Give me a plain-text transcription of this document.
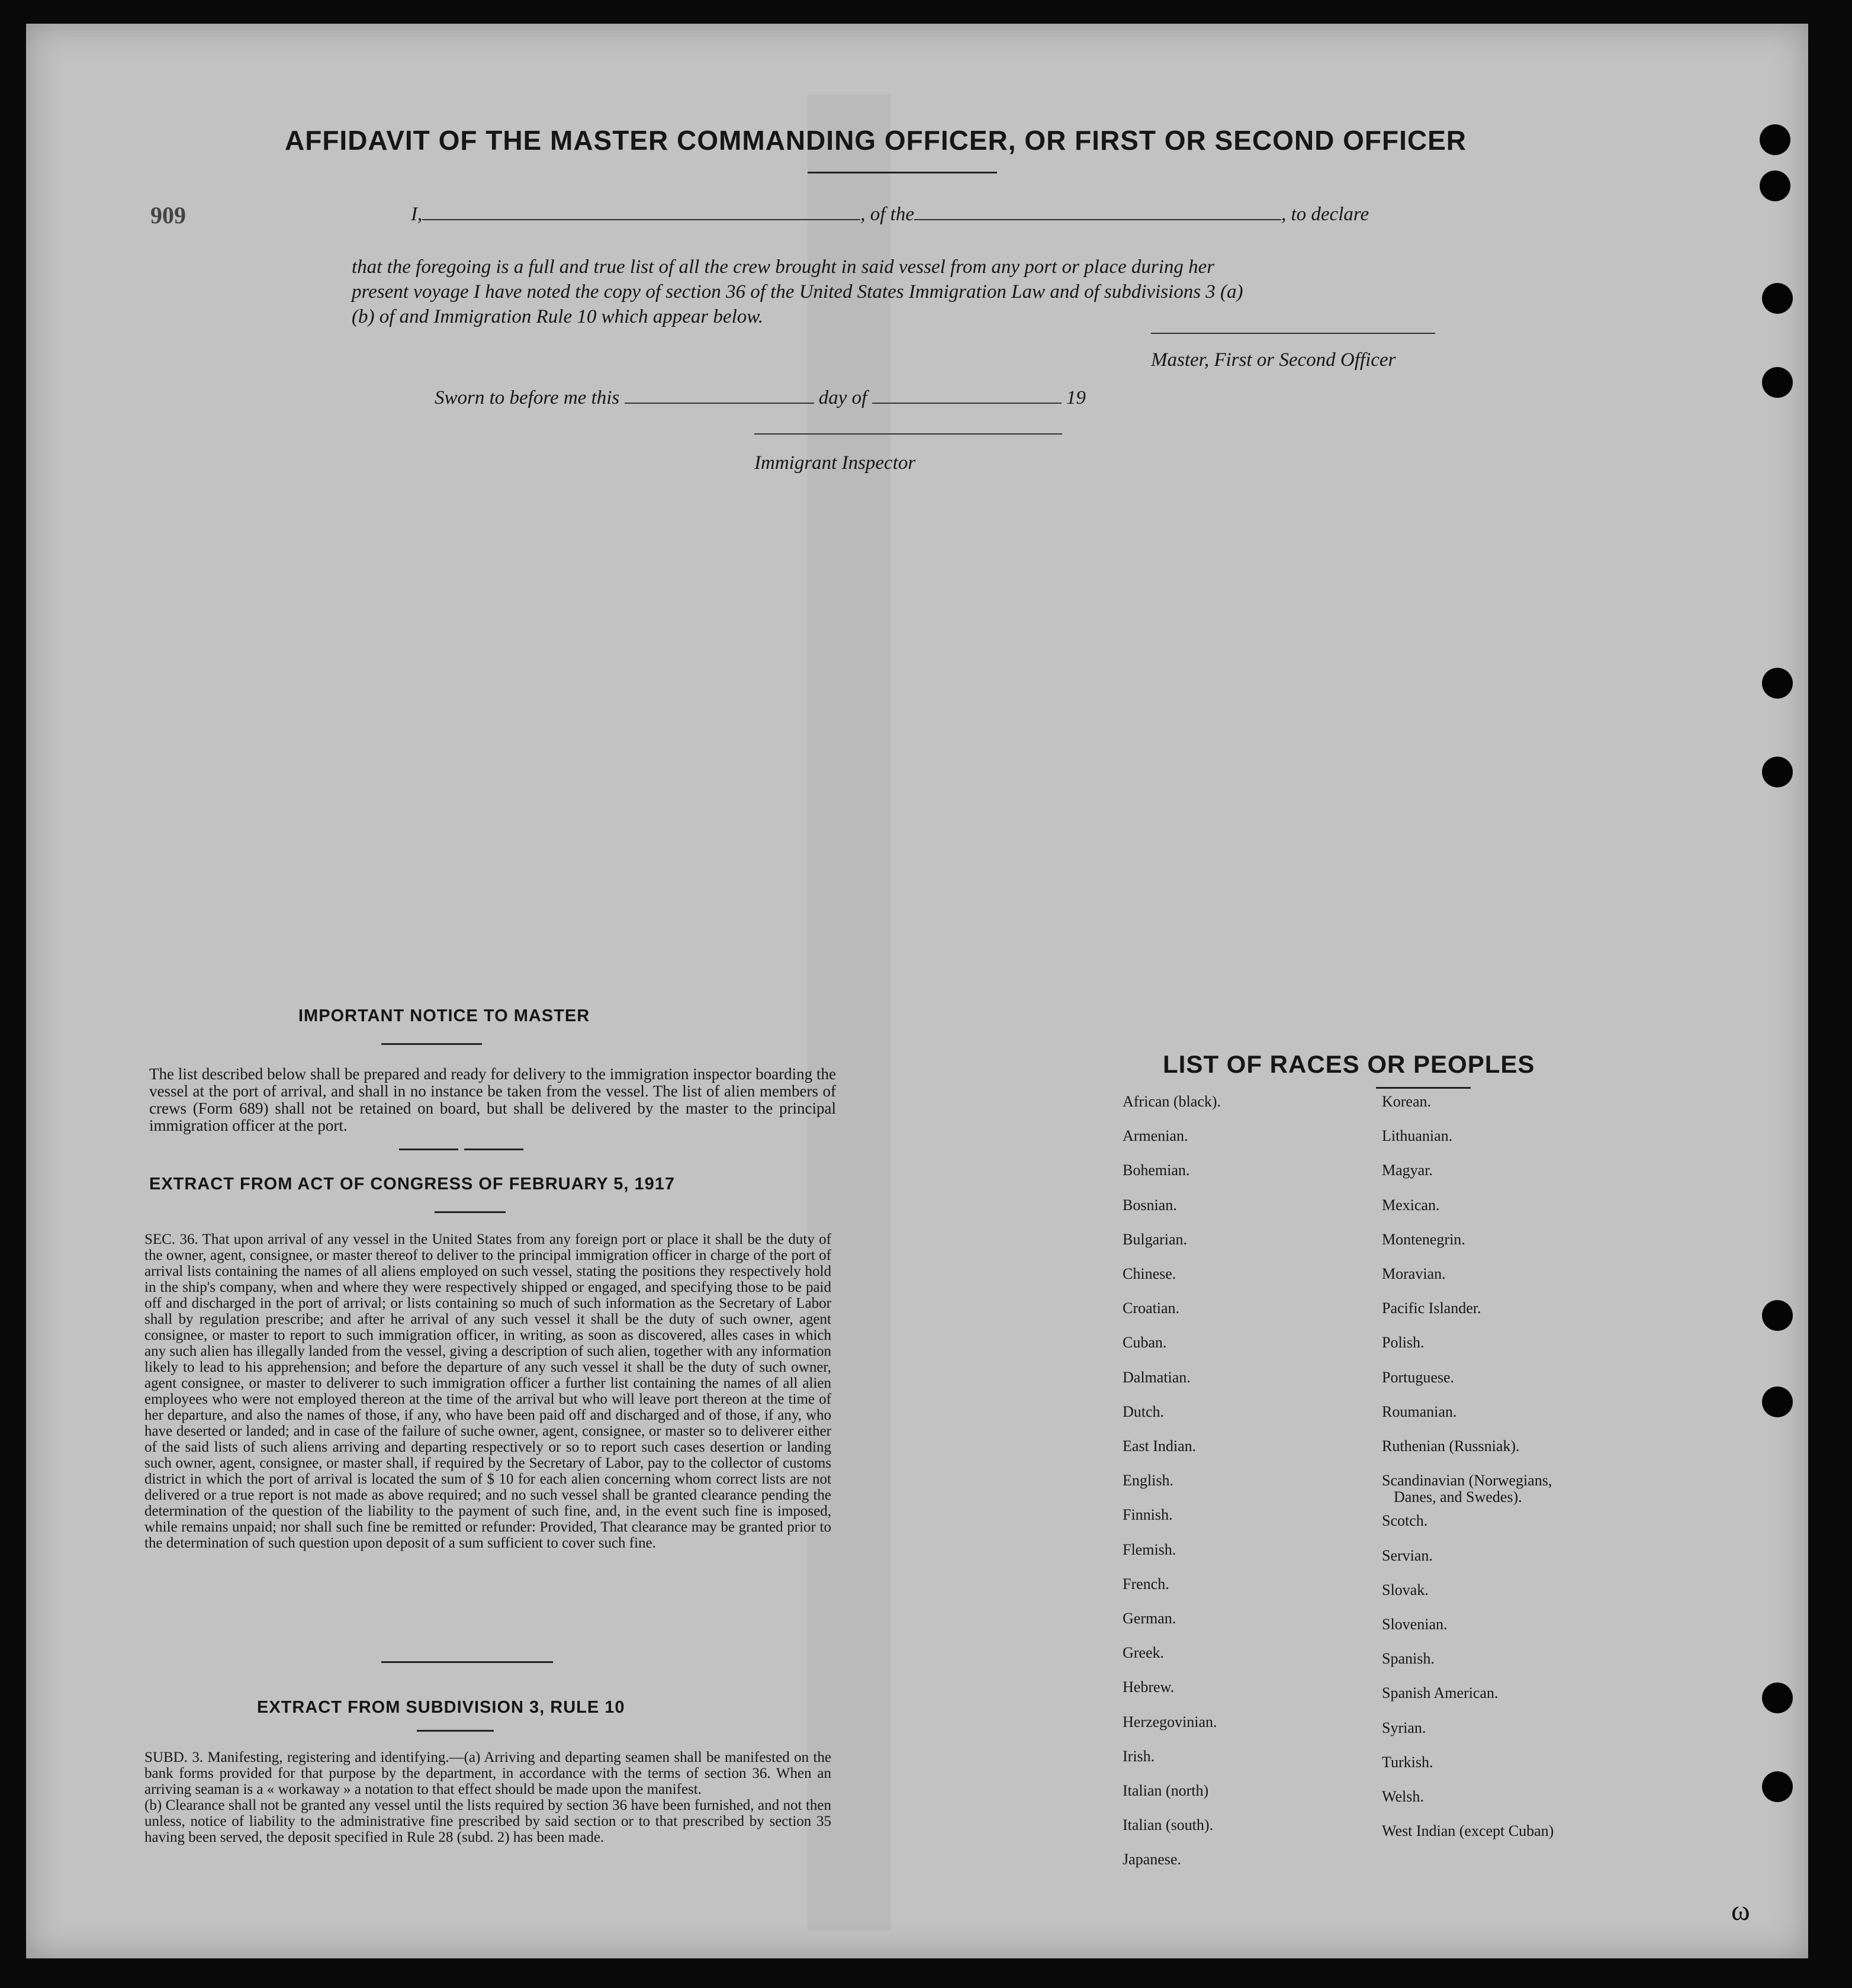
909
ω
AFFIDAVIT OF THE MASTER COMMANDING OFFICER, OR FIRST OR SECOND OFFICER
I,	, of the	, to declare
that the foregoing is a full and true list of all the crew brought in said vessel from any port or place during her
present voyage I have noted the copy of section 36 of the United States Immigration Law and of subdivisions 3 (a)
(b) of and Immigration Rule 10 which appear below.
Master, First or Second Officer
Sworn to before me this	day of	19
Immigrant Inspector
IMPORTANT NOTICE TO MASTER
The list described below shall be prepared and ready for delivery to the immigration inspector boarding the vessel at the port of arrival, and shall in no instance be taken from the vessel. The list of alien members of crews (Form 689) shall not be retained on board, but shall be delivered by the master to the principal immigration officer at the port.
EXTRACT FROM ACT OF CONGRESS OF FEBRUARY 5, 1917
SEC. 36. That upon arrival of any vessel in the United States from any foreign port or place it shall be the duty of the owner, agent, consignee, or master thereof to deliver to the principal immigration officer in charge of the port of arrival lists containing the names of all aliens employed on such vessel, stating the positions they respectively hold in the ship's company, when and where they were respectively shipped or engaged, and specifying those to be paid off and discharged in the port of arrival; or lists containing so much of such information as the Secretary of Labor shall by regulation prescribe; and after he arrival of any such vessel it shall be the duty of such owner, agent consignee, or master to report to such immigration officer, in writing, as soon as discovered, alles cases in which any such alien has illegally landed from the vessel, giving a description of such alien, together with any information likely to lead to his apprehension; and before the departure of any such vessel it shall be the duty of such owner, agent consignee, or master to deliverer to such immigration officer a further list containing the names of all alien employees who were not employed thereon at the time of the arrival but who will leave port thereon at the time of her departure, and also the names of those, if any, who have been paid off and discharged and of those, if any, who have deserted or landed; and in case of the failure of suche owner, agent, consignee, or master so to deliverer either of the said lists of such aliens arriving and departing respectively or so to report such cases desertion or landing such owner, agent, consignee, or master shall, if required by the Secretary of Labor, pay to the collector of customs district in which the port of arrival is located the sum of $ 10 for each alien concerning whom correct lists are not delivered or a true report is not made as above required; and no such vessel shall be granted clearance pending the determination of the question of the liability to the payment of such fine, and, in the event such fine is imposed, while remains unpaid; nor shall such fine be remitted or refunder: Provided, That clearance may be granted prior to the determination of such question upon deposit of a sum sufficient to cover such fine.
EXTRACT FROM SUBDIVISION 3, RULE 10
SUBD. 3. Manifesting, registering and identifying.—(a) Arriving and departing seamen shall be manifested on the bank forms provided for that purpose by the department, in accordance with the terms of section 36. When an arriving seaman is a « workaway » a notation to that effect should be made upon the manifest.
(b) Clearance shall not be granted any vessel until the lists required by section 36 have been furnished, and not then unless, notice of liability to the administrative fine prescribed by said section or to that prescribed by section 35 having been served, the deposit specified in Rule 28 (subd. 2) has been made.
LIST OF RACES OR PEOPLES
African (black).
Armenian.
Bohemian.
Bosnian.
Bulgarian.
Chinese.
Croatian.
Cuban.
Dalmatian.
Dutch.
East Indian.
English.
Finnish.
Flemish.
French.
German.
Greek.
Hebrew.
Herzegovinian.
Irish.
Italian (north)
Italian (south).
Japanese.
Korean.
Lithuanian.
Magyar.
Mexican.
Montenegrin.
Moravian.
Pacific Islander.
Polish.
Portuguese.
Roumanian.
Ruthenian (Russniak).
Scandinavian (Norwegians,
Danes, and Swedes).
Scotch.
Servian.
Slovak.
Slovenian.
Spanish.
Spanish American.
Syrian.
Turkish.
Welsh.
West Indian (except Cuban)
